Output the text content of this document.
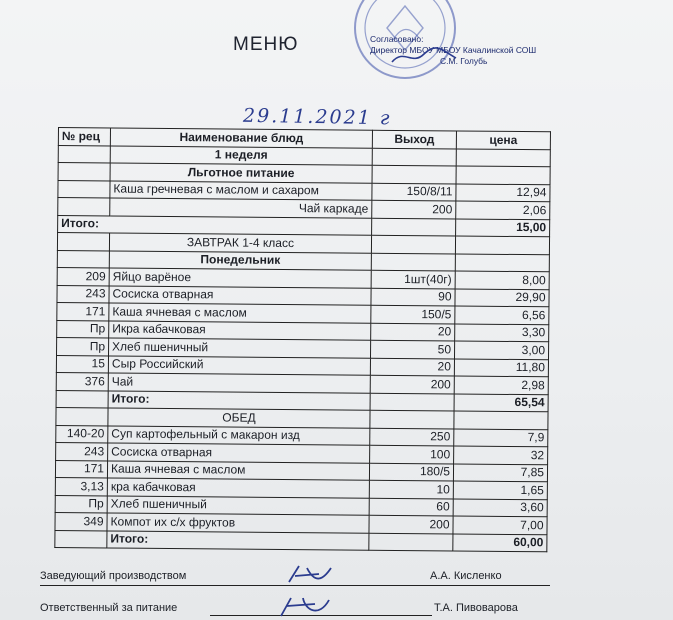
МЕНЮ	Согласовано:
Директор МБОУ МБОУ Качалинской СОШ
С.М. Голубь
29.11.2021 г
№ рец	Наименование блюд	Выход	цена
	1 неделя		
	Льготное питание		
	Каша гречневая с маслом и сахаром	150/8/11	12,94
	Чай каркаде	200	2,06
Итого:			15,00
	ЗАВТРАК 1-4 класс		
	Понедельник		
209	Яйцо варёное	1шт(40г)	8,00
243	Сосиска отварная	90	29,90
171	Каша ячневая с маслом	150/5	6,56
Пр	Икра кабачковая	20	3,30
Пр	Хлеб пшеничный	50	3,00
15	Сыр Российский	20	11,80
376	Чай	200	2,98
	Итого:		65,54
	ОБЕД		
140-20	Суп картофельный с макарон изд	250	7,9
243	Сосиска отварная	100	32
171	Каша ячневая с маслом	180/5	7,85
3,13	кра кабачковая	10	1,65
Пр	Хлеб пшеничный	60	3,60
349	Компот их с/х фруктов	200	7,00
	Итого:		60,00
Заведующий производством	А.А. Кисленко
Ответственный за питание	Т.А. Пивоварова
